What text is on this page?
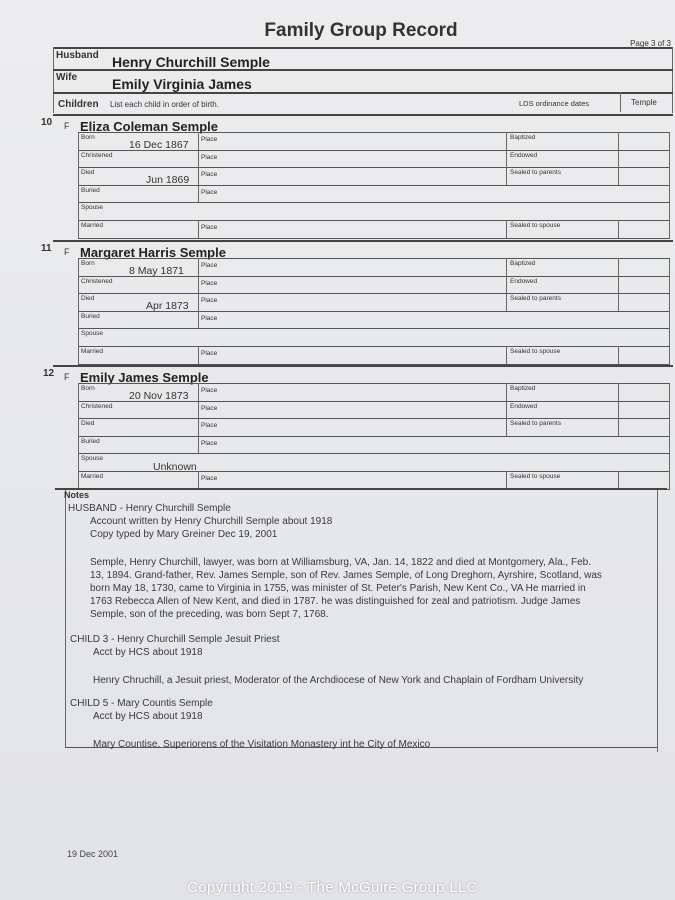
Family Group Record
Page 3 of 3
Husband Henry Churchill Semple
Wife Emily Virginia James
Children List each child in order of birth.	LDS ordinance dates	Temple
10 F Eliza Coleman Semple
Born
Christened
Died
Buried
Spouse
Married
Place
Place
Place
Place
Place
Baptized
Endowed
Sealed to parents
Sealed to spouse
16 Dec 1867
Jun 1869
11 F Margaret Harris Semple
Born
Christened
Died
Buried
Spouse
Married
Place
Place
Place
Place
Place
Baptized
Endowed
Sealed to parents
Sealed to spouse
8 May 1871
Apr 1873
12 F Emily James Semple
Born
Christened
Died
Buried
Spouse
Married
Place
Place
Place
Place
Place
Baptized
Endowed
Sealed to parents
Sealed to spouse
20 Nov 1873
Unknown
Notes
HUSBAND - Henry Churchill Semple
Account written by Henry Churchill Semple about 1918
Copy typed by Mary Greiner Dec 19, 2001
Semple, Henry Churchill, lawyer, was born at Williamsburg, VA, Jan. 14, 1822 and died at Montgomery, Ala., Feb.
13, 1894. Grand-father, Rev. James Semple, son of Rev. James Semple, of Long Dreghorn, Ayrshire, Scotland, was
born May 18, 1730, came to Virginia in 1755, was minister of St. Peter's Parish, New Kent Co., VA He married in
1763 Rebecca Allen of New Kent, and died in 1787. he was distinguished for zeal and patriotism. Judge James
Semple, son of the preceding, was born Sept 7, 1768.
CHILD 3 - Henry Churchill Semple Jesuit Priest
Acct by HCS about 1918
Henry Chruchill, a Jesuit priest, Moderator of the Archdiocese of New York and Chaplain of Fordham University
CHILD 5 - Mary Countis Semple
Acct by HCS about 1918
Mary Countise, Superiorens of the Visitation Monastery int he City of Mexico
19 Dec 2001
Copyright 2019 - The McGuire Group LLC
